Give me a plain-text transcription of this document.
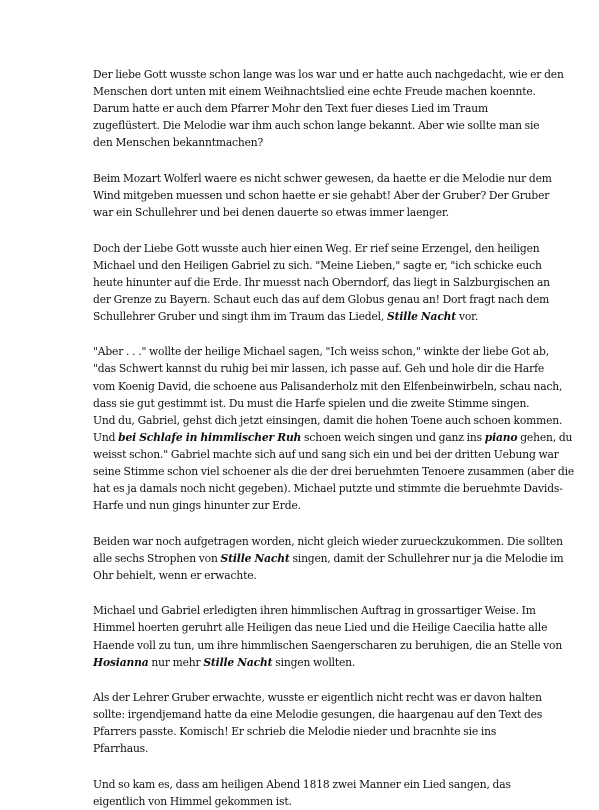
Der liebe Gott wusste schon lange was los war und er hatte auch nachgedacht, wie er den
Menschen dort unten mit einem Weihnachtslied eine echte Freude machen koennte.
Darum hatte er auch dem Pfarrer Mohr den Text fuer dieses Lied im Traum
zugeflüstert. Die Melodie war ihm auch schon lange bekannt. Aber wie sollte man sie
den Menschen bekanntmachen?

Beim Mozart Wolferl waere es nicht schwer gewesen, da haette er die Melodie nur dem
Wind mitgeben muessen und schon haette er sie gehabt! Aber der Gruber? Der Gruber
war ein Schullehrer und bei denen dauerte so etwas immer laenger.

Doch der Liebe Gott wusste auch hier einen Weg. Er rief seine Erzengel, den heiligen
Michael und den Heiligen Gabriel zu sich. "Meine Lieben," sagte er, "ich schicke euch
heute hinunter auf die Erde. Ihr muesst nach Oberndorf, das liegt in Salzburgischen an
der Grenze zu Bayern. Schaut euch das auf dem Globus genau an! Dort fragt nach dem
Schullehrer Gruber und singt ihm im Traum das Liedel, Stille Nacht vor.

"Aber . . ." wollte der heilige Michael sagen, "Ich weiss schon," winkte der liebe Got ab,
"das Schwert kannst du ruhig bei mir lassen, ich passe auf. Geh und hole dir die Harfe
vom Koenig David, die schoene aus Palisanderholz mit den Elfenbeinwirbeln, schau nach,
dass sie gut gestimmt ist. Du must die Harfe spielen und die zweite Stimme singen.
Und du, Gabriel, gehst dich jetzt einsingen, damit die hohen Toene auch schoen kommen.
Und bei Schlafe in himmlischer Ruh schoen weich singen und ganz ins piano gehen, du
weisst schon." Gabriel machte sich auf und sang sich ein und bei der dritten Uebung war
seine Stimme schon viel schoener als die der drei beruehmten Tenoere zusammen (aber die
hat es ja damals noch nicht gegeben). Michael putzte und stimmte die beruehmte Davids-
Harfe und nun gings hinunter zur Erde.

Beiden war noch aufgetragen worden, nicht gleich wieder zurueckzukommen. Die sollten
alle sechs Strophen von Stille Nacht singen, damit der Schullehrer nur ja die Melodie im
Ohr behielt, wenn er erwachte.

Michael und Gabriel erledigten ihren himmlischen Auftrag in grossartiger Weise. Im
Himmel hoerten geruhrt alle Heiligen das neue Lied und die Heilige Caecilia hatte alle
Haende voll zu tun, um ihre himmlischen Saengerscharen zu beruhigen, die an Stelle von
Hosianna nur mehr Stille Nacht singen wollten.

Als der Lehrer Gruber erwachte, wusste er eigentlich nicht recht was er davon halten
sollte: irgendjemand hatte da eine Melodie gesungen, die haargenau auf den Text des
Pfarrers passte. Komisch! Er schrieb die Melodie nieder und bracnhte sie ins
Pfarrhaus.

Und so kam es, dass am heiligen Abend 1818 zwei Manner ein Lied sangen, das
eigentlich von Himmel gekommen ist.
